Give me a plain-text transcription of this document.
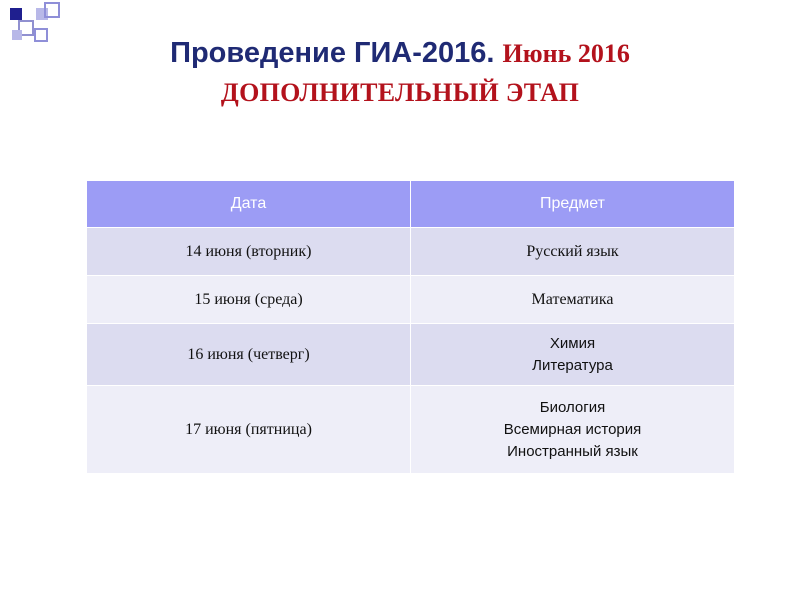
Проведение ГИА-2016. Июнь 2016
ДОПОЛНИТЕЛЬНЫЙ ЭТАП
Дата	Предмет
14 июня (вторник)	Русский язык

15 июня (среда)	Математика

16 июня (четверг)	Химия
Литература

17 июня (пятница)	Биология
Всемирная история
Иностранный язык
